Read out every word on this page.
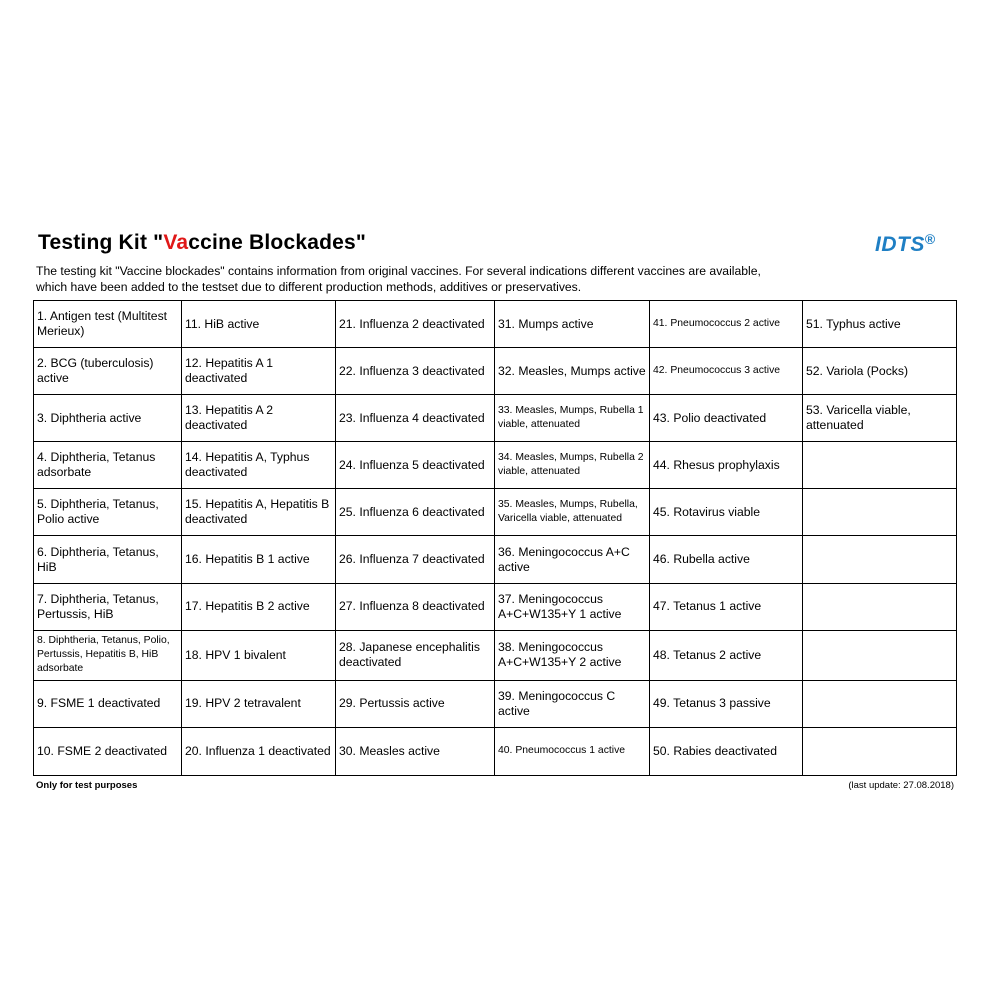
Testing Kit "Vaccine Blockades"	IDTS®
The testing kit "Vaccine blockades" contains information from original vaccines. For several indications different vaccines are available,
which have been added to the testset due to different production methods, additives or preservatives.
1. Antigen test (Multitest Merieux)	11. HiB active	21. Influenza 2 deactivated	31. Mumps active	41. Pneumococcus 2 active	51. Typhus active
2. BCG (tuberculosis) active	12. Hepatitis A 1 deactivated	22. Influenza 3 deactivated	32. Measles, Mumps active	42. Pneumococcus 3 active	52. Variola (Pocks)
3. Diphtheria active	13. Hepatitis A 2 deactivated	23. Influenza 4 deactivated	33. Measles, Mumps, Rubella 1 viable, attenuated	43. Polio deactivated	53. Varicella viable, attenuated
4. Diphtheria, Tetanus adsorbate	14. Hepatitis A, Typhus deactivated	24. Influenza 5 deactivated	34. Measles, Mumps, Rubella 2 viable, attenuated	44. Rhesus prophylaxis	
5. Diphtheria, Tetanus, Polio active	15. Hepatitis A, Hepatitis B deactivated	25. Influenza 6 deactivated	35. Measles, Mumps, Rubella, Varicella viable, attenuated	45. Rotavirus viable	
6. Diphtheria, Tetanus, HiB	16. Hepatitis B 1 active	26. Influenza 7 deactivated	36. Meningococcus A+C active	46. Rubella active	
7. Diphtheria, Tetanus, Pertussis, HiB	17. Hepatitis B 2 active	27. Influenza 8 deactivated	37. Meningococcus A+C+W135+Y 1 active	47. Tetanus 1 active	
8. Diphtheria, Tetanus, Polio, Pertussis, Hepatitis B, HiB adsorbate	18. HPV 1 bivalent	28. Japanese encephalitis deactivated	38. Meningococcus A+C+W135+Y 2 active	48. Tetanus 2 active	
9. FSME 1 deactivated	19. HPV 2 tetravalent	29. Pertussis active	39. Meningococcus C active	49. Tetanus 3 passive	
10. FSME 2 deactivated	20. Influenza 1 deactivated	30. Measles active	40. Pneumococcus 1 active	50. Rabies deactivated	
Only for test purposes	(last update: 27.08.2018)
